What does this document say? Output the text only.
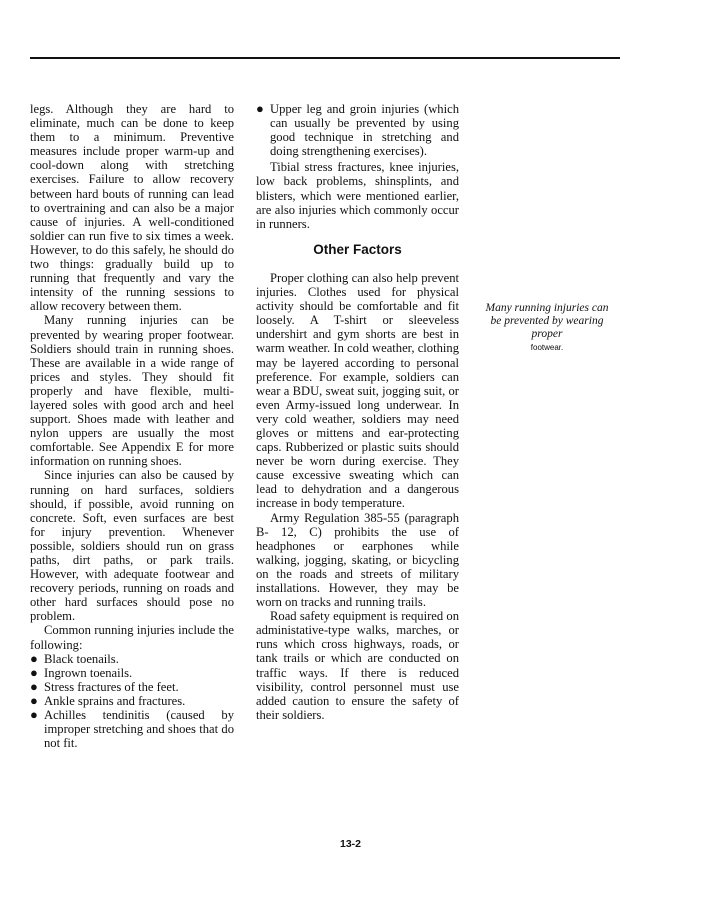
legs. Although they are hard to eliminate, much can be done to keep them to a minimum. Preventive measures include proper warm-up and cool-down along with stretching exercises. Failure to allow recovery between hard bouts of running can lead to overtraining and can also be a major cause of injuries. A well-conditioned soldier can run five to six times a week. However, to do this safely, he should do two things: gradually build up to running that frequently and vary the intensity of the running sessions to allow recovery between them.

Many running injuries can be prevented by wearing proper footwear. Soldiers should train in running shoes. These are available in a wide range of prices and styles. They should fit properly and have flexible, multi-layered soles with good arch and heel support. Shoes made with leather and nylon uppers are usually the most comfortable. See Appendix E for more information on running shoes.

Since injuries can also be caused by running on hard surfaces, soldiers should, if possible, avoid running on concrete. Soft, even surfaces are best for injury prevention. Whenever possible, soldiers should run on grass paths, dirt paths, or park trails. However, with adequate footwear and recovery periods, running on roads and other hard surfaces should pose no problem.

Common running injuries include the following:

● Black toenails.
● Ingrown toenails.
● Stress fractures of the feet.
● Ankle sprains and fractures.
● Achilles tendinitis (caused by improper stretching and shoes that do not fit.
● Upper leg and groin injuries (which can usually be prevented by using good technique in stretching and doing strengthening exercises).

Tibial stress fractures, knee injuries, low back problems, shinsplints, and blisters, which were mentioned earlier, are also injuries which commonly occur in runners.

Other Factors

Proper clothing can also help prevent injuries. Clothes used for physical activity should be comfortable and fit loosely. A T-shirt or sleeveless undershirt and gym shorts are best in warm weather. In cold weather, clothing may be layered according to personal preference. For example, soldiers can wear a BDU, sweat suit, jogging suit, or even Army-issued long underwear. In very cold weather, soldiers may need gloves or mittens and ear-protecting caps. Rubberized or plastic suits should never be worn during exercise. They cause excessive sweating which can lead to dehydration and a dangerous increase in body temperature.

Army Regulation 385-55 (paragraph B- 12, C) prohibits the use of headphones or earphones while walking, jogging, skating, or bicycling on the roads and streets of military installations. However, they may be worn on tracks and running trails.

Road safety equipment is required on administative-type walks, marches, or runs which cross highways, roads, or tank trails or which are conducted on traffic ways. If there is reduced visibility, control personnel must use added caution to ensure the safety of their soldiers.

Many running injuries can be prevented by wearing proper
footwear.
13-2
